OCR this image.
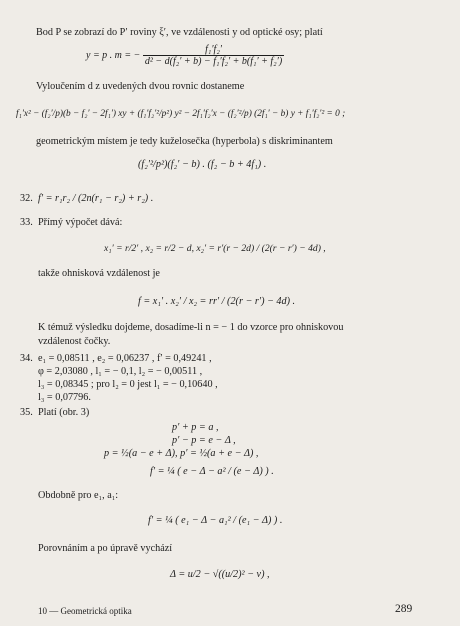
Bod P se zobrazí do P′ roviny ξ′, ve vzdálenosti y od optické osy; platí
y = p . m = − $\frac{\text{f₁′f₂′}}{\text{d² − d(f₂′ + b) − f₁′f₂′ + b(f₁′ + f₂′)}}$
Vyloučením d z uvedených dvou rovnic dostaneme
f₁′x² − (f₂′/p)(b − f₂′ − 2f₁′) xy + (f₁′f₂′²/p²) y² − 2f₁′f₂′x − (f₂′²/p) (2f₁′ − b) y + f₁′f₂′² = 0 ;
geometrickým místem je tedy kuželosečka (hyperbola) s diskriminantem
(f₂′²/p²)(f₂′ − b) . (f₂ − b + 4f₁) .
32. f′ = r₁r₂ / (2n(r₁ − r₂) + r₂) .
33. Přímý výpočet dává:
x₁′ = r/2′ , x₂ = r/2 − d, x₂′ = r′(r − 2d) / (2(r − r′) − 4d) ,
takže ohnisková vzdálenost je
f = x₁′ . x₂′ / x₂ = rr′ / (2(r − r′) − 4d) .
K témuž výsledku dojdeme, dosadíme-li n = − 1 do vzorce pro ohniskovou
vzdálenost čočky.
34. e₁ = 0,08511 , e₂ = 0,06237 , f′ = 0,49241 ,
φ = 2,03080 , l₁ = − 0,1, l₂ = − 0,00511 ,
l₃ = 0,08345 ; pro l₂ = 0 jest l₁ = − 0,10640 ,
l₃ = 0,07796.
35. Platí (obr. 3)
p′ + p = a ,
p′ − p = e − Δ ,
p = ½(a − e + Δ), p′ = ½(a + e − Δ) ,
f′ = ¼ ( e − Δ − a² / (e − Δ) ) .
Obdobně pro e₁, a₁:
f′ = ¼ ( e₁ − Δ − a₁² / (e₁ − Δ) ) .
Porovnáním a po úpravě vychází
Δ = u/2 − √((u/2)² − v) ,
10 — Geometrická optika	289
